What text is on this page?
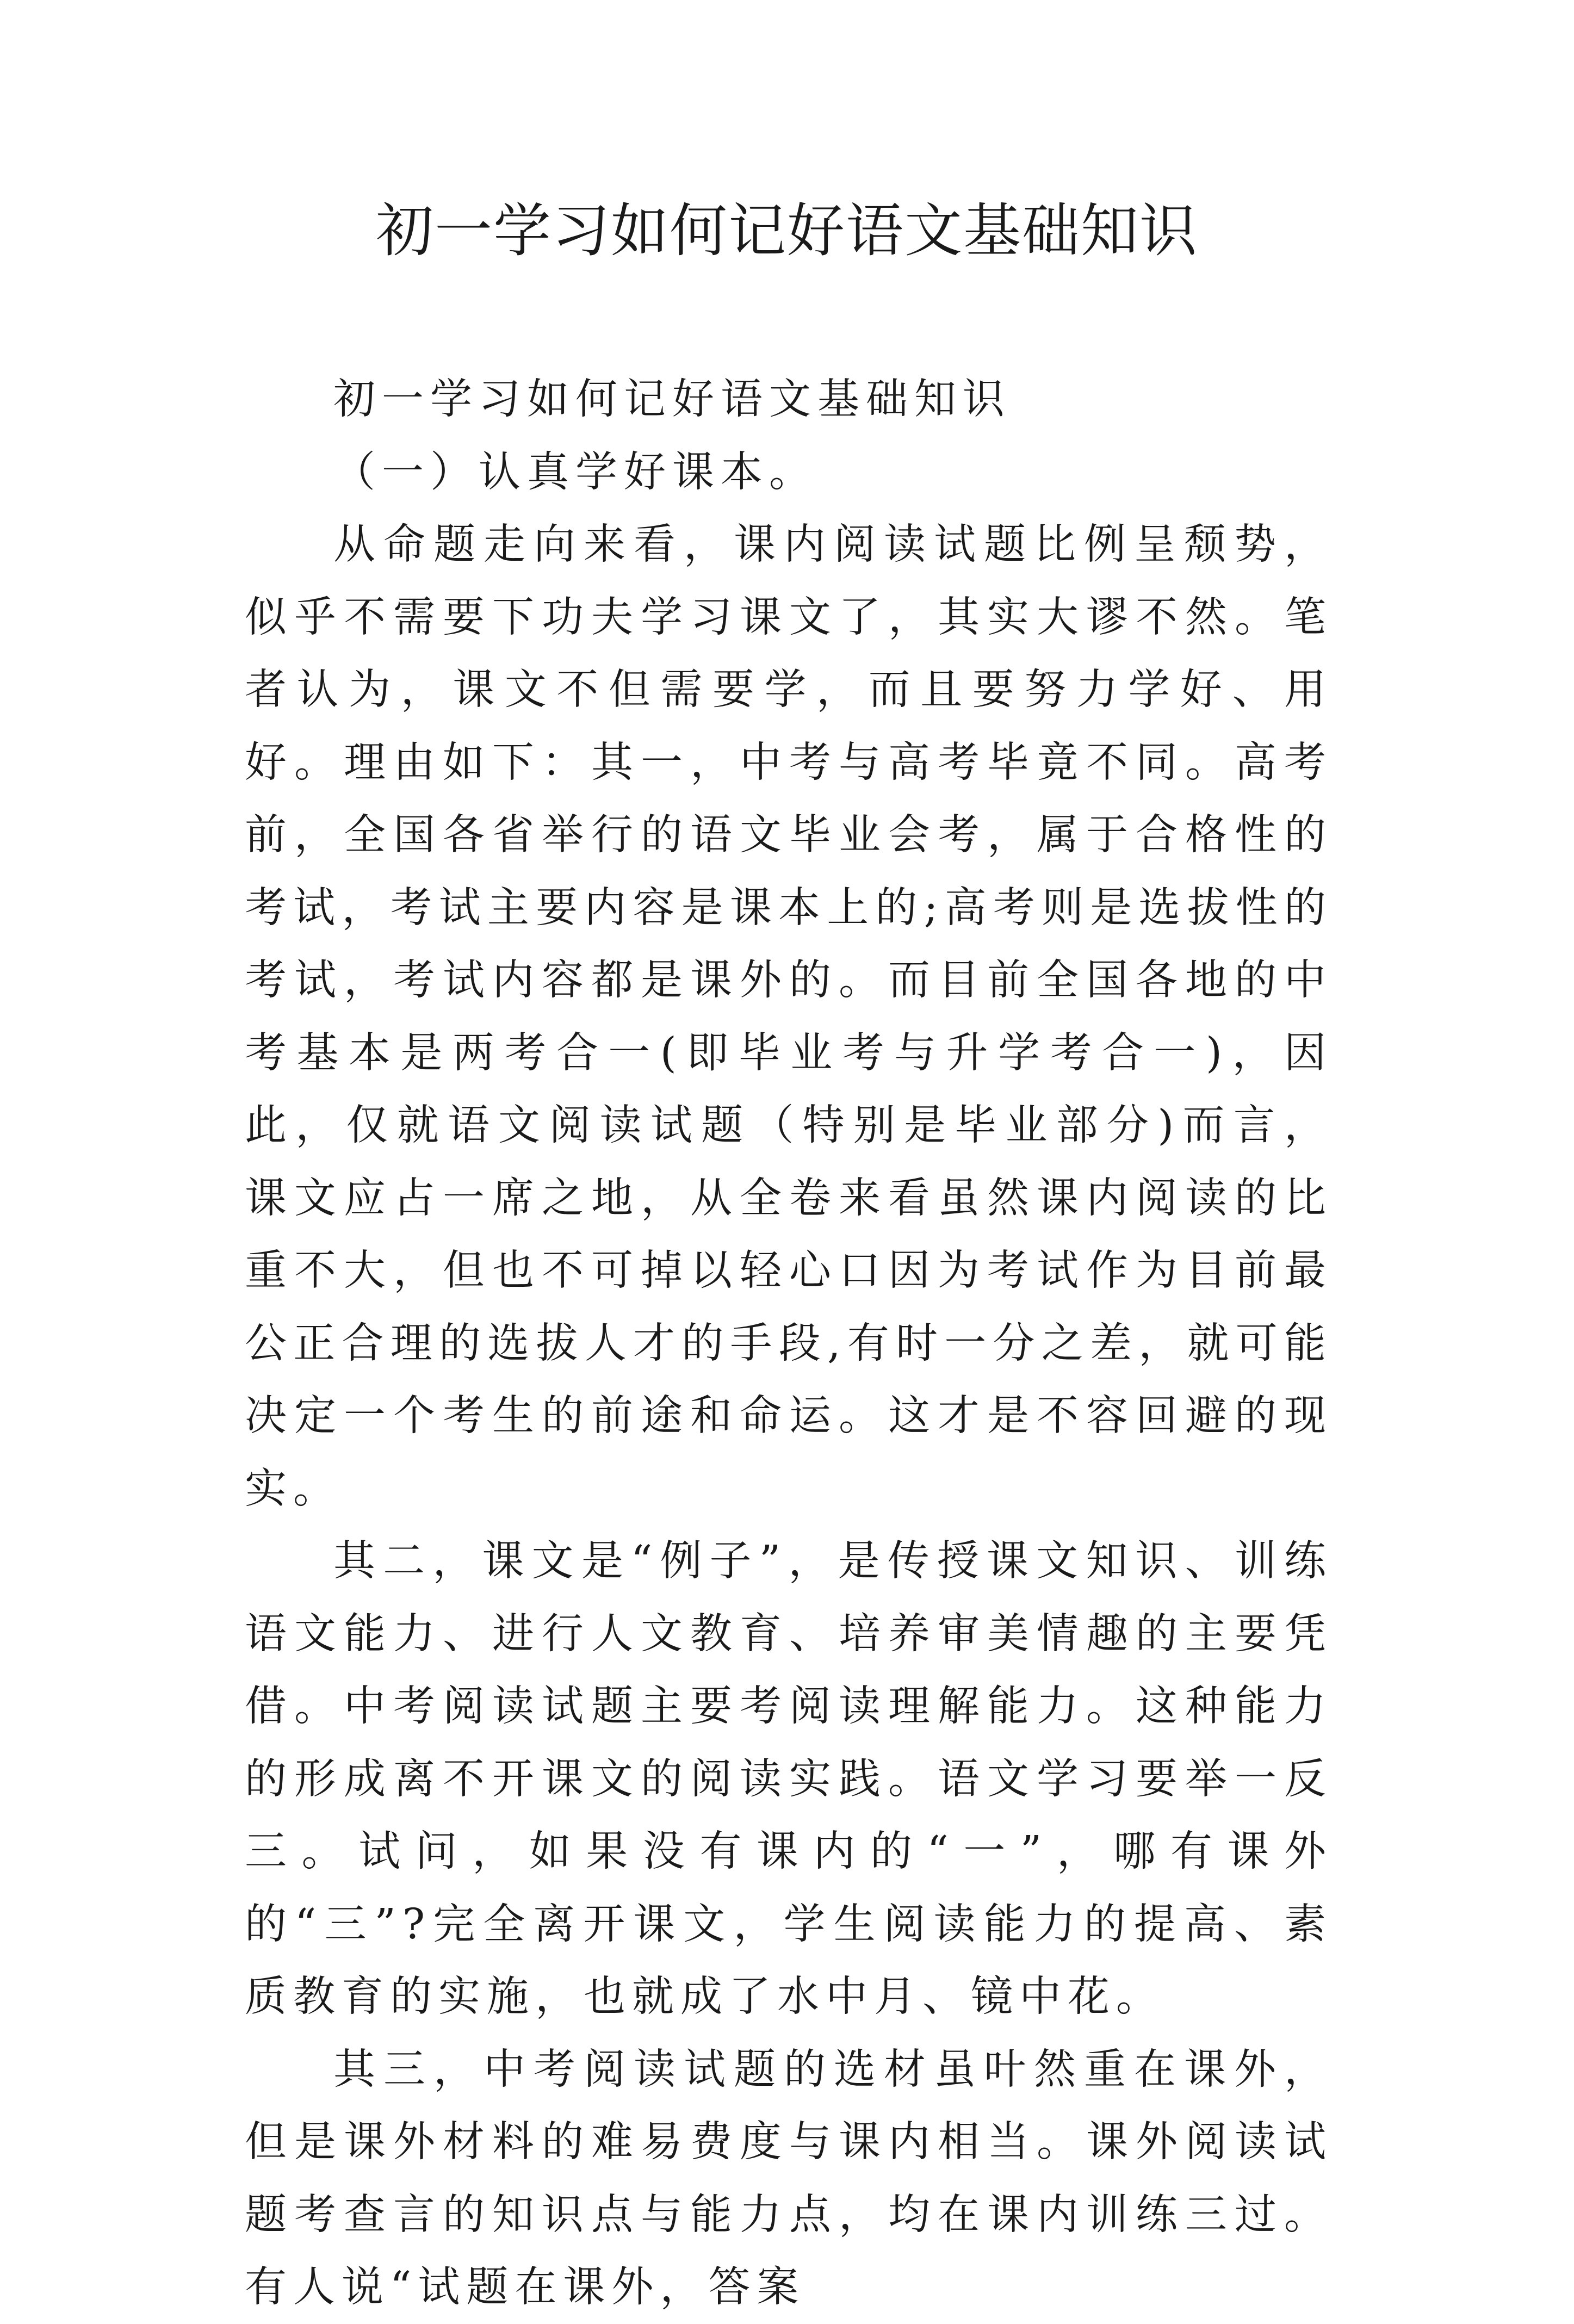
初一学习如何记好语文基础知识

初一学习如何记好语文基础知识

（一）认真学好课本。

从命题走向来看，课内阅读试题比例呈颓势，似乎不需要下功夫学习课文了，其实大谬不然。笔者认为，课文不但需要学，而且要努力学好、用好。理由如下：其一，中考与高考毕竟不同。高考前，全国各省举行的语文毕业会考，属于合格性的考试，考试主要内容是课本上的;高考则是选拔性的考试，考试内容都是课外的。而目前全国各地的中考基本是两考合一(即毕业考与升学考合一)，因此，仅就语文阅读试题（特别是毕业部分)而言，课文应占一席之地，从全卷来看虽然课内阅读的比重不大，但也不可掉以轻心口因为考试作为目前最公正合理的选拔人才的手段,有时一分之差，就可能决定一个考生的前途和命运。这才是不容回避的现实。

其二，课文是“例子”，是传授课文知识、训练语文能力、进行人文教育、培养审美情趣的主要凭借。中考阅读试题主要考阅读理解能力。这种能力的形成离不开课文的阅读实践。语文学习要举一反三。试问，如果没有课内的“一”，哪有课外的“三”?完全离开课文，学生阅读能力的提高、素质教育的实施，也就成了水中月、镜中花。

其三，中考阅读试题的选材虽叶然重在课外，但是课外材料的难易费度与课内相当。课外阅读试题考查言的知识点与能力点，均在课内训练三过。有人说“试题在课外，答案
